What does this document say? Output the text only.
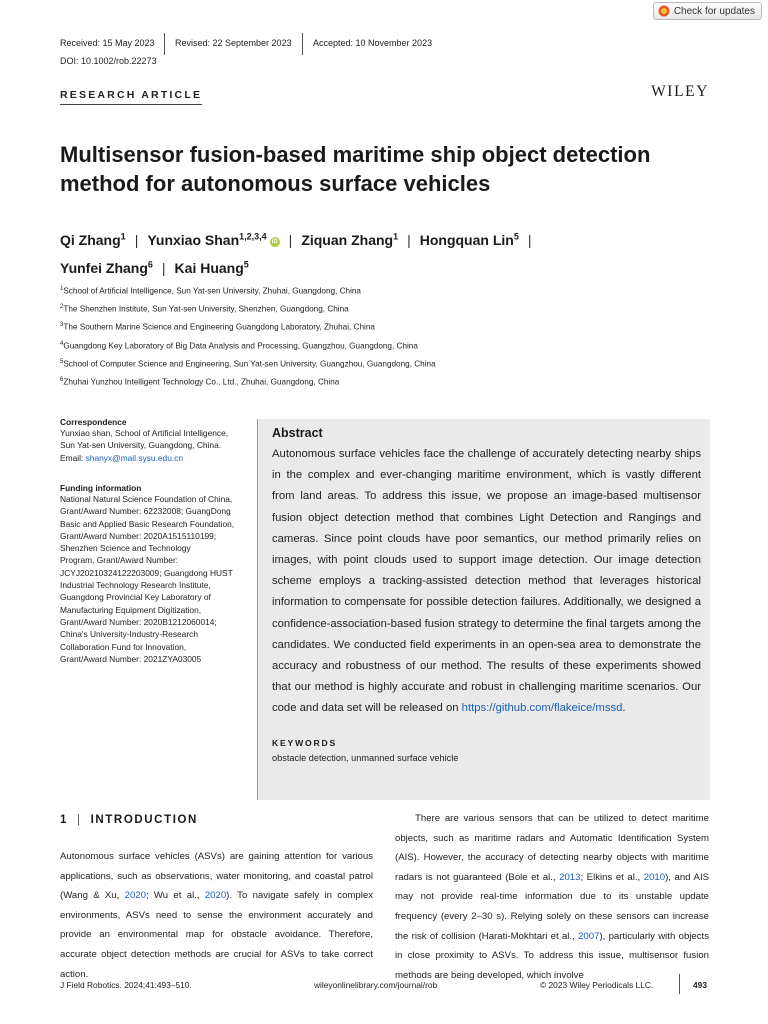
Check for updates
Received: 15 May 2023 Revised: 22 September 2023 Accepted: 10 November 2023
DOI: 10.1002/rob.22273
RESEARCH ARTICLE	WILEY
Multisensor fusion-based maritime ship object detection
method for autonomous surface vehicles
Qi Zhang$^1$ | Yunxiao Shan$^{1,2,3,4}$iD | Ziquan Zhang$^1$ | Hongquan Lin$^5$ |
Yunfei Zhang$^6$ | Kai Huang$^5$
$^1$School of Artificial Intelligence, Sun Yat-sen University, Zhuhai, Guangdong, China
$^2$The Shenzhen Institute, Sun Yat-sen University, Shenzhen, Guangdong, China
$^3$The Southern Marine Science and Engineering Guangdong Laboratory, Zhuhai, China
$^4$Guangdong Key Laboratory of Big Data Analysis and Processing, Guangzhou, Guangdong, China
$^5$School of Computer Science and Engineering, Sun Yat-sen University, Guangzhou, Guangdong, China
$^6$Zhuhai Yunzhou Intelligent Technology Co., Ltd., Zhuhai, Guangdong, China
Correspondence

Yunxiao shan, School of Artificial Intelligence,

Sun Yat-sen University, Guangdong, China.

Email: shanyx@mail.sysu.edu.cn

Funding information

National Natural Science Foundation of China,

Grant/Award Number: 62232008; GuangDong

Basic and Applied Basic Research Foundation,

Grant/Award Number: 2020A1515110199;

Shenzhen Science and Technology

Program, Grant/Award Number:

JCYJ20210324122203009; Guangdong HUST

Industrial Technology Research Institute,

Guangdong Provincial Key Laboratory of

Manufacturing Equipment Digitization,

Grant/Award Number: 2020B1212060014;

China's University-Industry-Research

Collaboration Fund for Innovation,

Grant/Award Number: 2021ZYA03005

Abstract
Autonomous surface vehicles face the challenge of accurately detecting nearby ships in the complex and ever-changing maritime environment, which is vastly different from land areas. To address this issue, we propose an image-based multisensor fusion object detection method that combines Light Detection and Rangings and cameras. Since point clouds have poor semantics, our method primarily relies on images, with point clouds used to support image detection. Our image detection scheme employs a tracking-assisted detection method that leverages historical information to compensate for possible detection failures. Additionally, we designed a confidence-association-based fusion strategy to determine the final targets among the candidates. We conducted field experiments in an open-sea area to demonstrate the accuracy and robustness of our method. The results of these experiments showed that our method is highly accurate and robust in challenging maritime scenarios. Our code and data set will be released on https://github.com/flakeice/mssd.
KEYWORDS
obstacle detection, unmanned surface vehicle
1 | INTRODUCTION
Autonomous surface vehicles (ASVs) are gaining attention for various applications, such as observations, water monitoring, and coastal patrol (Wang & Xu, 2020; Wu et al., 2020). To navigate safely in complex environments, ASVs need to sense the environment accurately and provide an environmental map for obstacle avoidance. Therefore, accurate object detection methods are crucial for ASVs to take correct action.
There are various sensors that can be utilized to detect maritime objects, such as maritime radars and Automatic Identification System (AIS). However, the accuracy of detecting nearby objects with maritime radars is not guaranteed (Bole et al., 2013; Elkins et al., 2010), and AIS may not provide real-time information due to its unstable update frequency (every 2–30 s). Relying solely on these sensors can increase the risk of collision (Harati-Mokhtari et al., 2007), particularly with objects in close proximity to ASVs. To address this issue, multisensor fusion methods are being developed, which involve
J Field Robotics. 2024;41:493–510.	wileyonlinelibrary.com/journal/rob	© 2023 Wiley Periodicals LLC.	493
